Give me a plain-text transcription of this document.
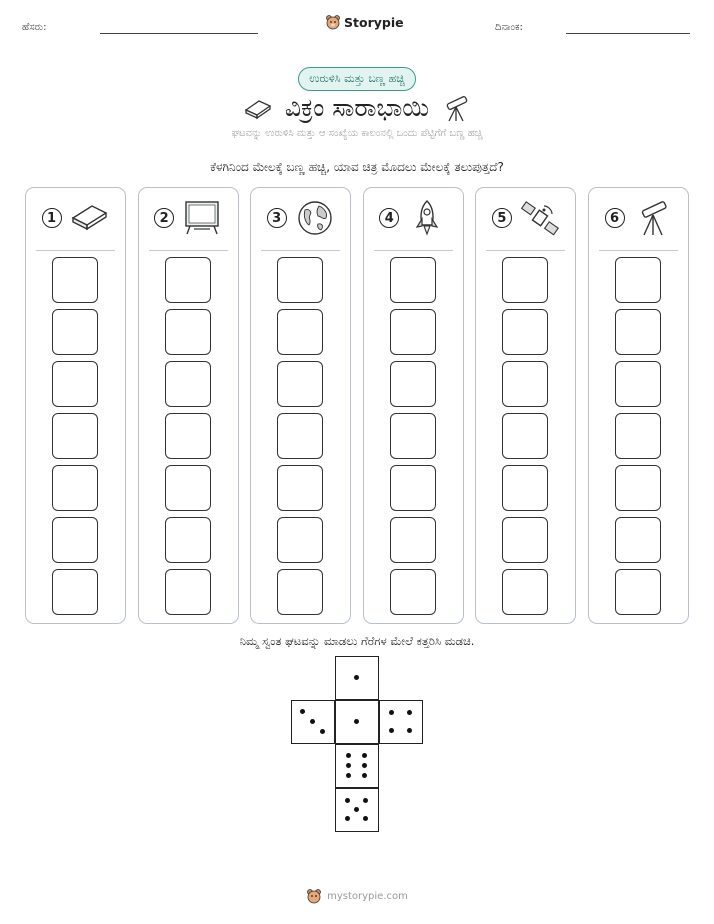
ಹೆಸರು:	Storypie	ದಿನಾಂಕ:
ಉರುಳಿಸಿ ಮತ್ತು ಬಣ್ಣ ಹಚ್ಚಿ
ವಿಕ್ರಂ ಸಾರಾಭಾಯಿ
ಘಟವನ್ನು ಉರುಳಿಸಿ ಮತ್ತು ಆ ಸಂಖ್ಯೆಯ ಕಾಲಂನಲ್ಲಿ ಒಂದು ಪೆಟ್ಟಿಗೆಗೆ ಬಣ್ಣ ಹಚ್ಚಿ
ಕೆಳಗಿನಿಂದ ಮೇಲಕ್ಕೆ ಬಣ್ಣ ಹಚ್ಚಿ, ಯಾವ ಚಿತ್ರ ಮೊದಲು ಮೇಲಕ್ಕೆ ತಲುಪುತ್ತದೆ?
1	2	3	4	5	6
ನಿಮ್ಮ ಸ್ವಂತ ಘಟವನ್ನು ಮಾಡಲು ಗೆರೆಗಳ ಮೇಲೆ ಕತ್ತರಿಸಿ ಮಡಚಿ.
mystorypie.com
